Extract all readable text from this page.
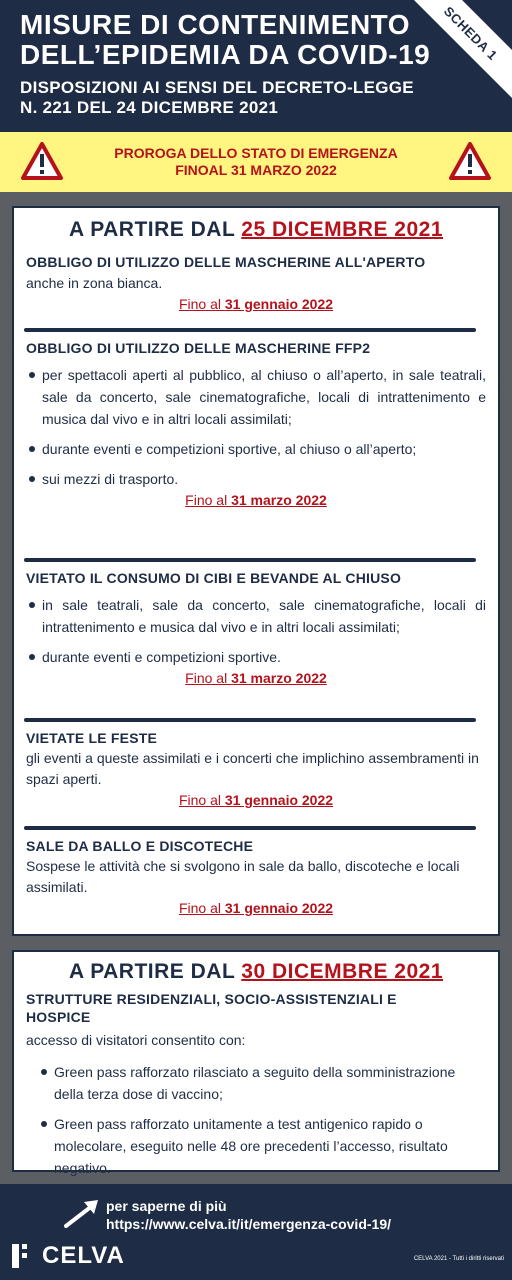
MISURE DI CONTENIMENTO
DELL’EPIDEMIA DA COVID-19
DISPOSIZIONI AI SENSI DEL DECRETO-LEGGE
N. 221 DEL 24 DICEMBRE 2021
SCHEDA 1
PROROGA DELLO STATO DI EMERGENZA
FINOAL 31 MARZO 2022
A PARTIRE DAL 25 DICEMBRE 2021
OBBLIGO DI UTILIZZO DELLE MASCHERINE ALL'APERTO
anche in zona bianca.
Fino al 31 gennaio 2022
OBBLIGO DI UTILIZZO DELLE MASCHERINE FFP2
per spettacoli aperti al pubblico, al chiuso o all’aperto, in sale teatrali, sale da concerto, sale cinematografiche, locali di intrattenimento e musica dal vivo e in altri locali assimilati;
durante eventi e competizioni sportive, al chiuso o all’aperto;
sui mezzi di trasporto.
Fino al 31 marzo 2022
VIETATO IL CONSUMO DI CIBI E BEVANDE AL CHIUSO
in sale teatrali, sale da concerto, sale cinematografiche, locali di intrattenimento e musica dal vivo e in altri locali assimilati;
durante eventi e competizioni sportive.
Fino al 31 marzo 2022
VIETATE LE FESTE
gli eventi a queste assimilati e i concerti che implichino assembramenti in spazi aperti.
Fino al 31 gennaio 2022
SALE DA BALLO E DISCOTECHE
Sospese le attività che si svolgono in sale da ballo, discoteche e locali assimilati.
Fino al 31 gennaio 2022
A PARTIRE DAL 30 DICEMBRE 2021
STRUTTURE RESIDENZIALI, SOCIO-ASSISTENZIALI E
HOSPICE
accesso di visitatori consentito con:
Green pass rafforzato rilasciato a seguito della somministrazione della terza dose di vaccino;
Green pass rafforzato unitamente a test antigenico rapido o molecolare, eseguito nelle 48 ore precedenti l’accesso, risultato negativo.
per saperne di più
https://www.celva.it/it/emergenza-covid-19/
CELVA	CELVA 2021 - Tutti i diritti riservati
